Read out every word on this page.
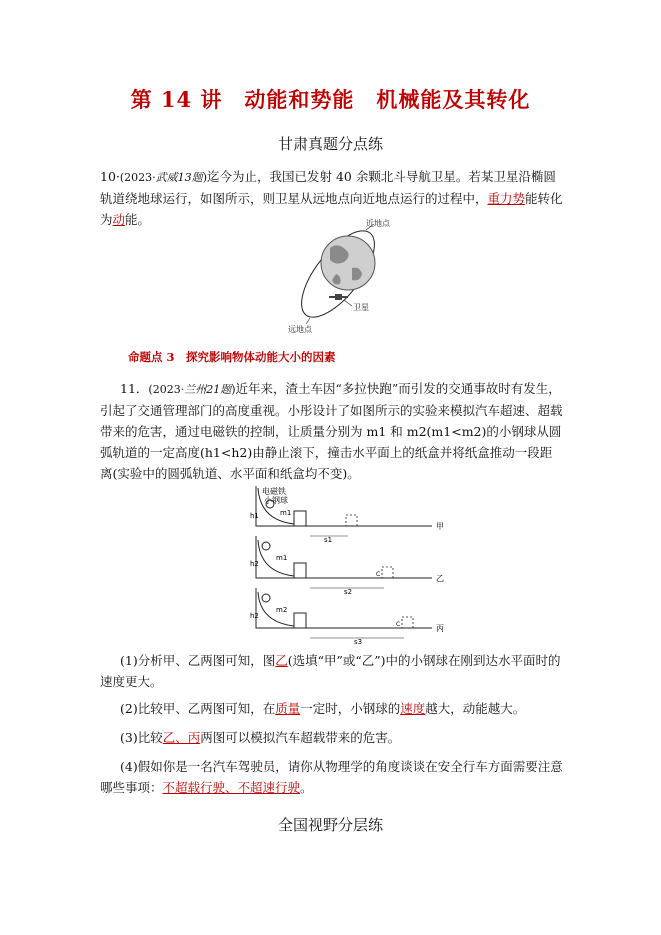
第 14 讲　动能和势能　机械能及其转化
甘肃真题分点练
10·(2023·武威13题)迄今为止，我国已发射 40 余颗北斗导航卫星。若某卫星沿椭圆轨道绕地球运行，如图所示，则卫星从远地点向近地点运行的过程中，重力势能转化为动能。
卫星
近地点
远地点
命题点 3　探究影响物体动能大小的因素
11．(2023·兰州21题)近年来，渣土车因“多拉快跑”而引发的交通事故时有发生，引起了交通管理部门的高度重视。小彤设计了如图所示的实验来模拟汽车超速、超载带来的危害，通过电磁铁的控制，让质量分别为 m1 和 m2(m1<m2)的小钢球从圆弧轨道的一定高度(h1<h2)由静止滚下，撞击水平面上的纸盒并将纸盒推动一段距离(实验中的圆弧轨道、水平面和纸盒均不变)。
电磁铁
小钢球
h1	m1
s1
甲
h2
m1
s2
C	乙
h2
m2
s3
C	丙
(1)分析甲、乙两图可知，图乙(选填“甲”或“乙”)中的小钢球在刚到达水平面时的速度更大。
(2)比较甲、乙两图可知，在质量一定时，小钢球的速度越大，动能越大。
(3)比较乙、丙两图可以模拟汽车超载带来的危害。
(4)假如你是一名汽车驾驶员，请你从物理学的角度谈谈在安全行车方面需要注意哪些事项：不超载行驶、不超速行驶。
全国视野分层练
